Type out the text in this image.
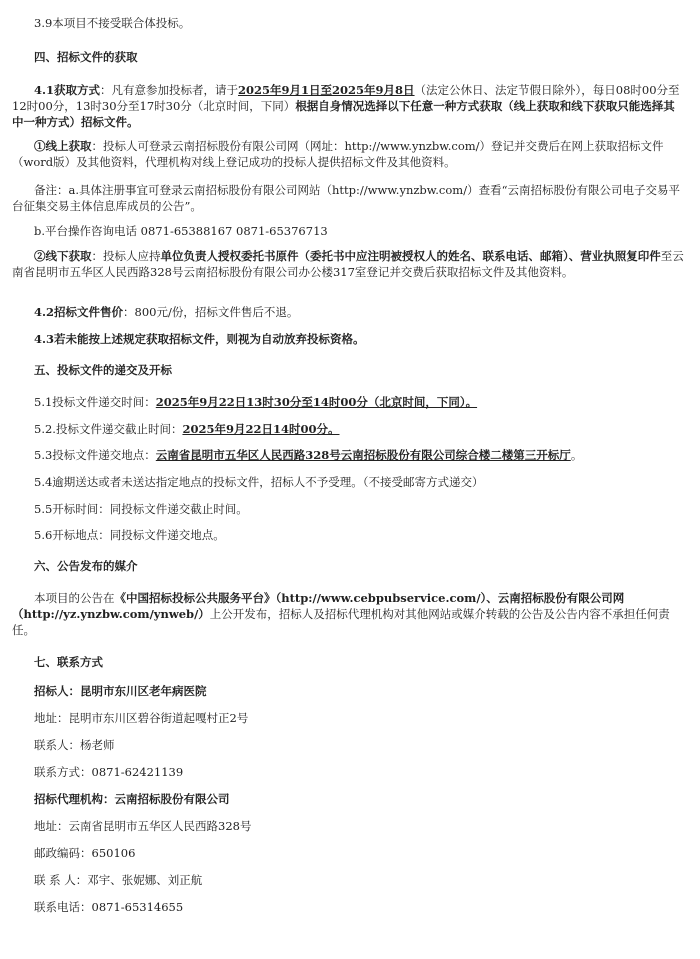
3.9本项目不接受联合体投标。

四、招标文件的获取

4.1获取方式：凡有意参加投标者，请于2025年9月1日至2025年9月8日（法定公休日、法定节假日除外），每日08时00分至12时00分，13时30分至17时30分（北京时间，下同）根据自身情况选择以下任意一种方式获取（线上获取和线下获取只能选择其中一种方式）招标文件。

①线上获取：投标人可登录云南招标股份有限公司网（网址：http://www.ynzbw.com/）登记并交费后在网上获取招标文件（word版）及其他资料，代理机构对线上登记成功的投标人提供招标文件及其他资料。

备注：a.具体注册事宜可登录云南招标股份有限公司网站（http://www.ynzbw.com/）查看“云南招标股份有限公司电子交易平台征集交易主体信息库成员的公告”。

b.平台操作咨询电话 0871-65388167 0871-65376713

②线下获取：投标人应持单位负责人授权委托书原件（委托书中应注明被授权人的姓名、联系电话、邮箱）、营业执照复印件至云南省昆明市五华区人民西路328号云南招标股份有限公司办公楼317室登记并交费后获取招标文件及其他资料。

4.2招标文件售价：800元/份，招标文件售后不退。

4.3若未能按上述规定获取招标文件，则视为自动放弃投标资格。

五、投标文件的递交及开标

5.1投标文件递交时间：2025年9月22日13时30分至14时00分（北京时间，下同）。

5.2.投标文件递交截止时间：2025年9月22日14时00分。

5.3投标文件递交地点：云南省昆明市五华区人民西路328号云南招标股份有限公司综合楼二楼第三开标厅。

5.4逾期送达或者未送达指定地点的投标文件，招标人不予受理。（不接受邮寄方式递交）

5.5开标时间：同投标文件递交截止时间。

5.6开标地点：同投标文件递交地点。

六、公告发布的媒介

本项目的公告在《中国招标投标公共服务平台》（http://www.cebpubservice.com/）、云南招标股份有限公司网（http://yz.ynzbw.com/ynweb/）上公开发布，招标人及招标代理机构对其他网站或媒介转载的公告及公告内容不承担任何责任。

七、联系方式

招标人：昆明市东川区老年病医院

地址：昆明市东川区碧谷街道起嘎村正2号

联系人：杨老师

联系方式：0871-62421139

招标代理机构：云南招标股份有限公司

地址：云南省昆明市五华区人民西路328号

邮政编码：650106

联 系 人：邓宇、张妮娜、刘正航

联系电话：0871-65314655
